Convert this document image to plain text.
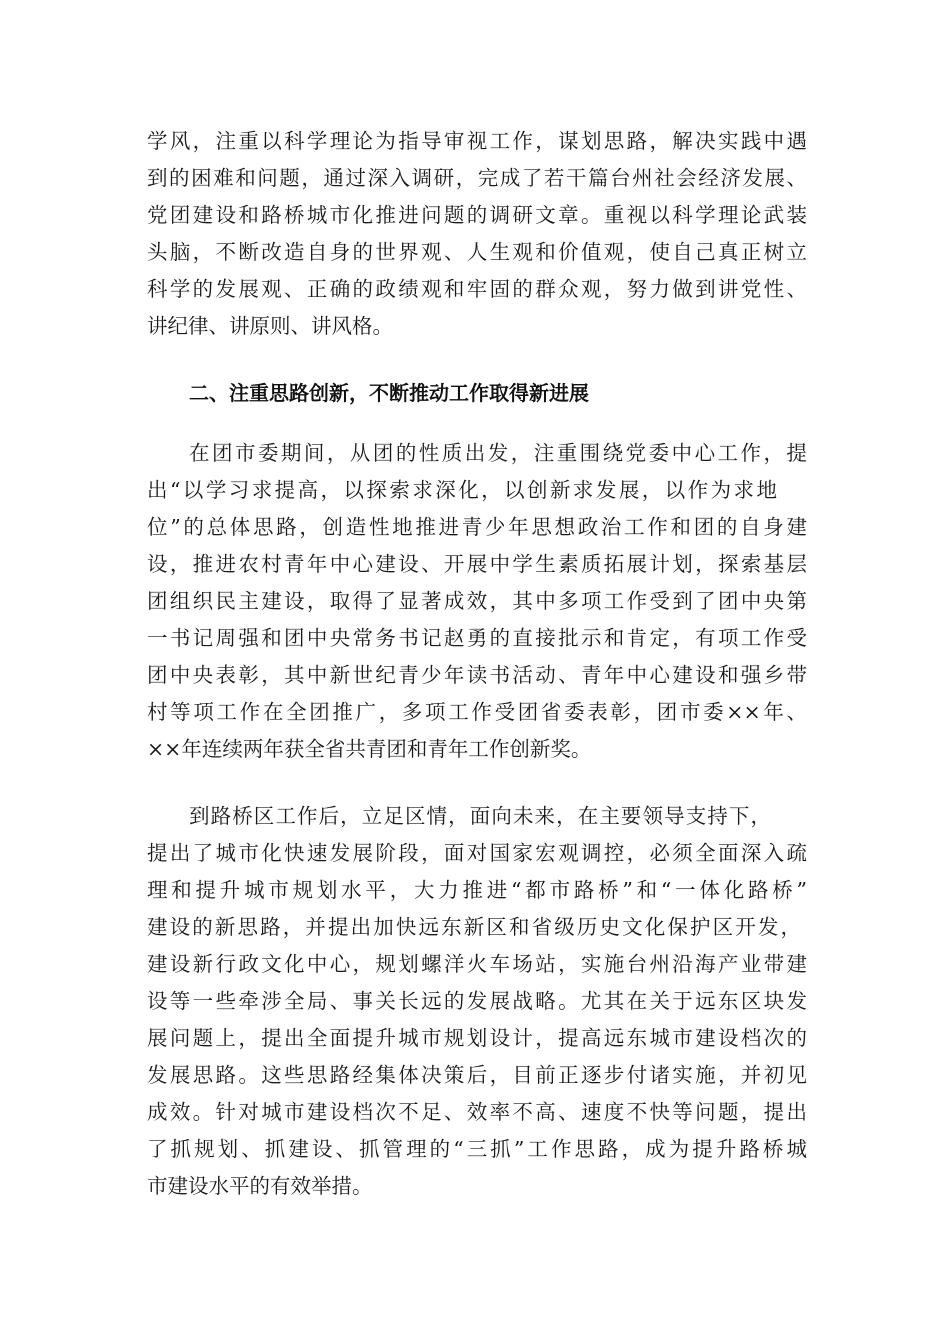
学风，注重以科学理论为指导审视工作，谋划思路，解决实践中遇
到的困难和问题，通过深入调研，完成了若干篇台州社会经济发展、
党团建设和路桥城市化推进问题的调研文章。重视以科学理论武装
头脑，不断改造自身的世界观、人生观和价值观，使自己真正树立
科学的发展观、正确的政绩观和牢固的群众观，努力做到讲党性、
讲纪律、讲原则、讲风格。
二、注重思路创新，不断推动工作取得新进展
在团市委期间，从团的性质出发，注重围绕党委中心工作，提
出“以学习求提高，以探索求深化，以创新求发展，以作为求地
位”的总体思路，创造性地推进青少年思想政治工作和团的自身建
设，推进农村青年中心建设、开展中学生素质拓展计划，探索基层
团组织民主建设，取得了显著成效，其中多项工作受到了团中央第
一书记周强和团中央常务书记赵勇的直接批示和肯定，有项工作受
团中央表彰，其中新世纪青少年读书活动、青年中心建设和强乡带
村等项工作在全团推广，多项工作受团省委表彰，团市委××年、
××年连续两年获全省共青团和青年工作创新奖。
到路桥区工作后，立足区情，面向未来，在主要领导支持下，
提出了城市化快速发展阶段，面对国家宏观调控，必须全面深入疏
理和提升城市规划水平，大力推进“都市路桥”和“一体化路桥”
建设的新思路，并提出加快远东新区和省级历史文化保护区开发，
建设新行政文化中心，规划螺洋火车场站，实施台州沿海产业带建
设等一些牵涉全局、事关长远的发展战略。尤其在关于远东区块发
展问题上，提出全面提升城市规划设计，提高远东城市建设档次的
发展思路。这些思路经集体决策后，目前正逐步付诸实施，并初见
成效。针对城市建设档次不足、效率不高、速度不快等问题，提出
了抓规划、抓建设、抓管理的“三抓”工作思路，成为提升路桥城
市建设水平的有效举措。
